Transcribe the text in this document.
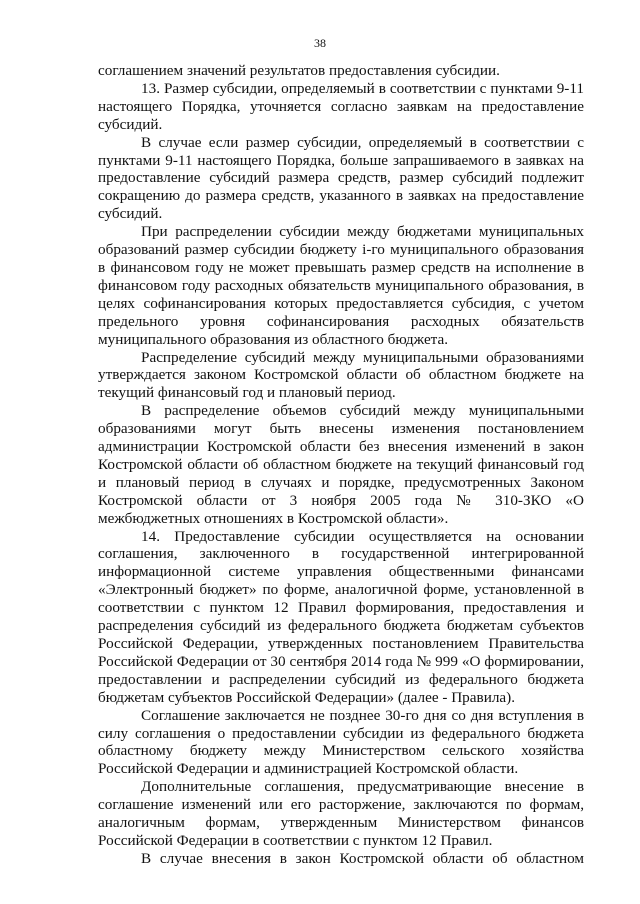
38

соглашением значений результатов предоставления субсидии.

13. Размер субсидии, определяемый в соответствии с пунктами 9-11 настоящего Порядка, уточняется согласно заявкам на предоставление субсидий.

В случае если размер субсидии, определяемый в соответствии с пунктами 9-11 настоящего Порядка, больше запрашиваемого в заявках на предоставление субсидий размера средств, размер субсидий подлежит сокращению до размера средств, указанного в заявках на предоставление субсидий.

При распределении субсидии между бюджетами муниципальных образований размер субсидии бюджету i-го муниципального образования в финансовом году не может превышать размер средств на исполнение в финансовом году расходных обязательств муниципального образования, в целях софинансирования которых предоставляется субсидия, с учетом предельного уровня софинансирования расходных обязательств муниципального образования из областного бюджета.

Распределение субсидий между муниципальными образованиями утверждается законом Костромской области об областном бюджете на текущий финансовый год и плановый период.

В распределение объемов субсидий между муниципальными образованиями могут быть внесены изменения постановлением администрации Костромской области без внесения изменений в закон Костромской области об областном бюджете на текущий финансовый год и плановый период в случаях и порядке, предусмотренных Законом Костромской области от 3 ноября 2005 года № 310-ЗКО «О межбюджетных отношениях в Костромской области».

14. Предоставление субсидии осуществляется на основании соглашения, заключенного в государственной интегрированной информационной системе управления общественными финансами «Электронный бюджет» по форме, аналогичной форме, установленной в соответствии с пунктом 12 Правил формирования, предоставления и распределения субсидий из федерального бюджета бюджетам субъектов Российской Федерации, утвержденных постановлением Правительства Российской Федерации от 30 сентября 2014 года № 999 «О формировании, предоставлении и распределении субсидий из федерального бюджета бюджетам субъектов Российской Федерации» (далее - Правила).

Соглашение заключается не позднее 30-го дня со дня вступления в силу соглашения о предоставлении субсидии из федерального бюджета областному бюджету между Министерством сельского хозяйства Российской Федерации и администрацией Костромской области.

Дополнительные соглашения, предусматривающие внесение в соглашение изменений или его расторжение, заключаются по формам, аналогичным формам, утвержденным Министерством финансов Российской Федерации в соответствии с пунктом 12 Правил.

В случае внесения в закон Костромской области об областном
